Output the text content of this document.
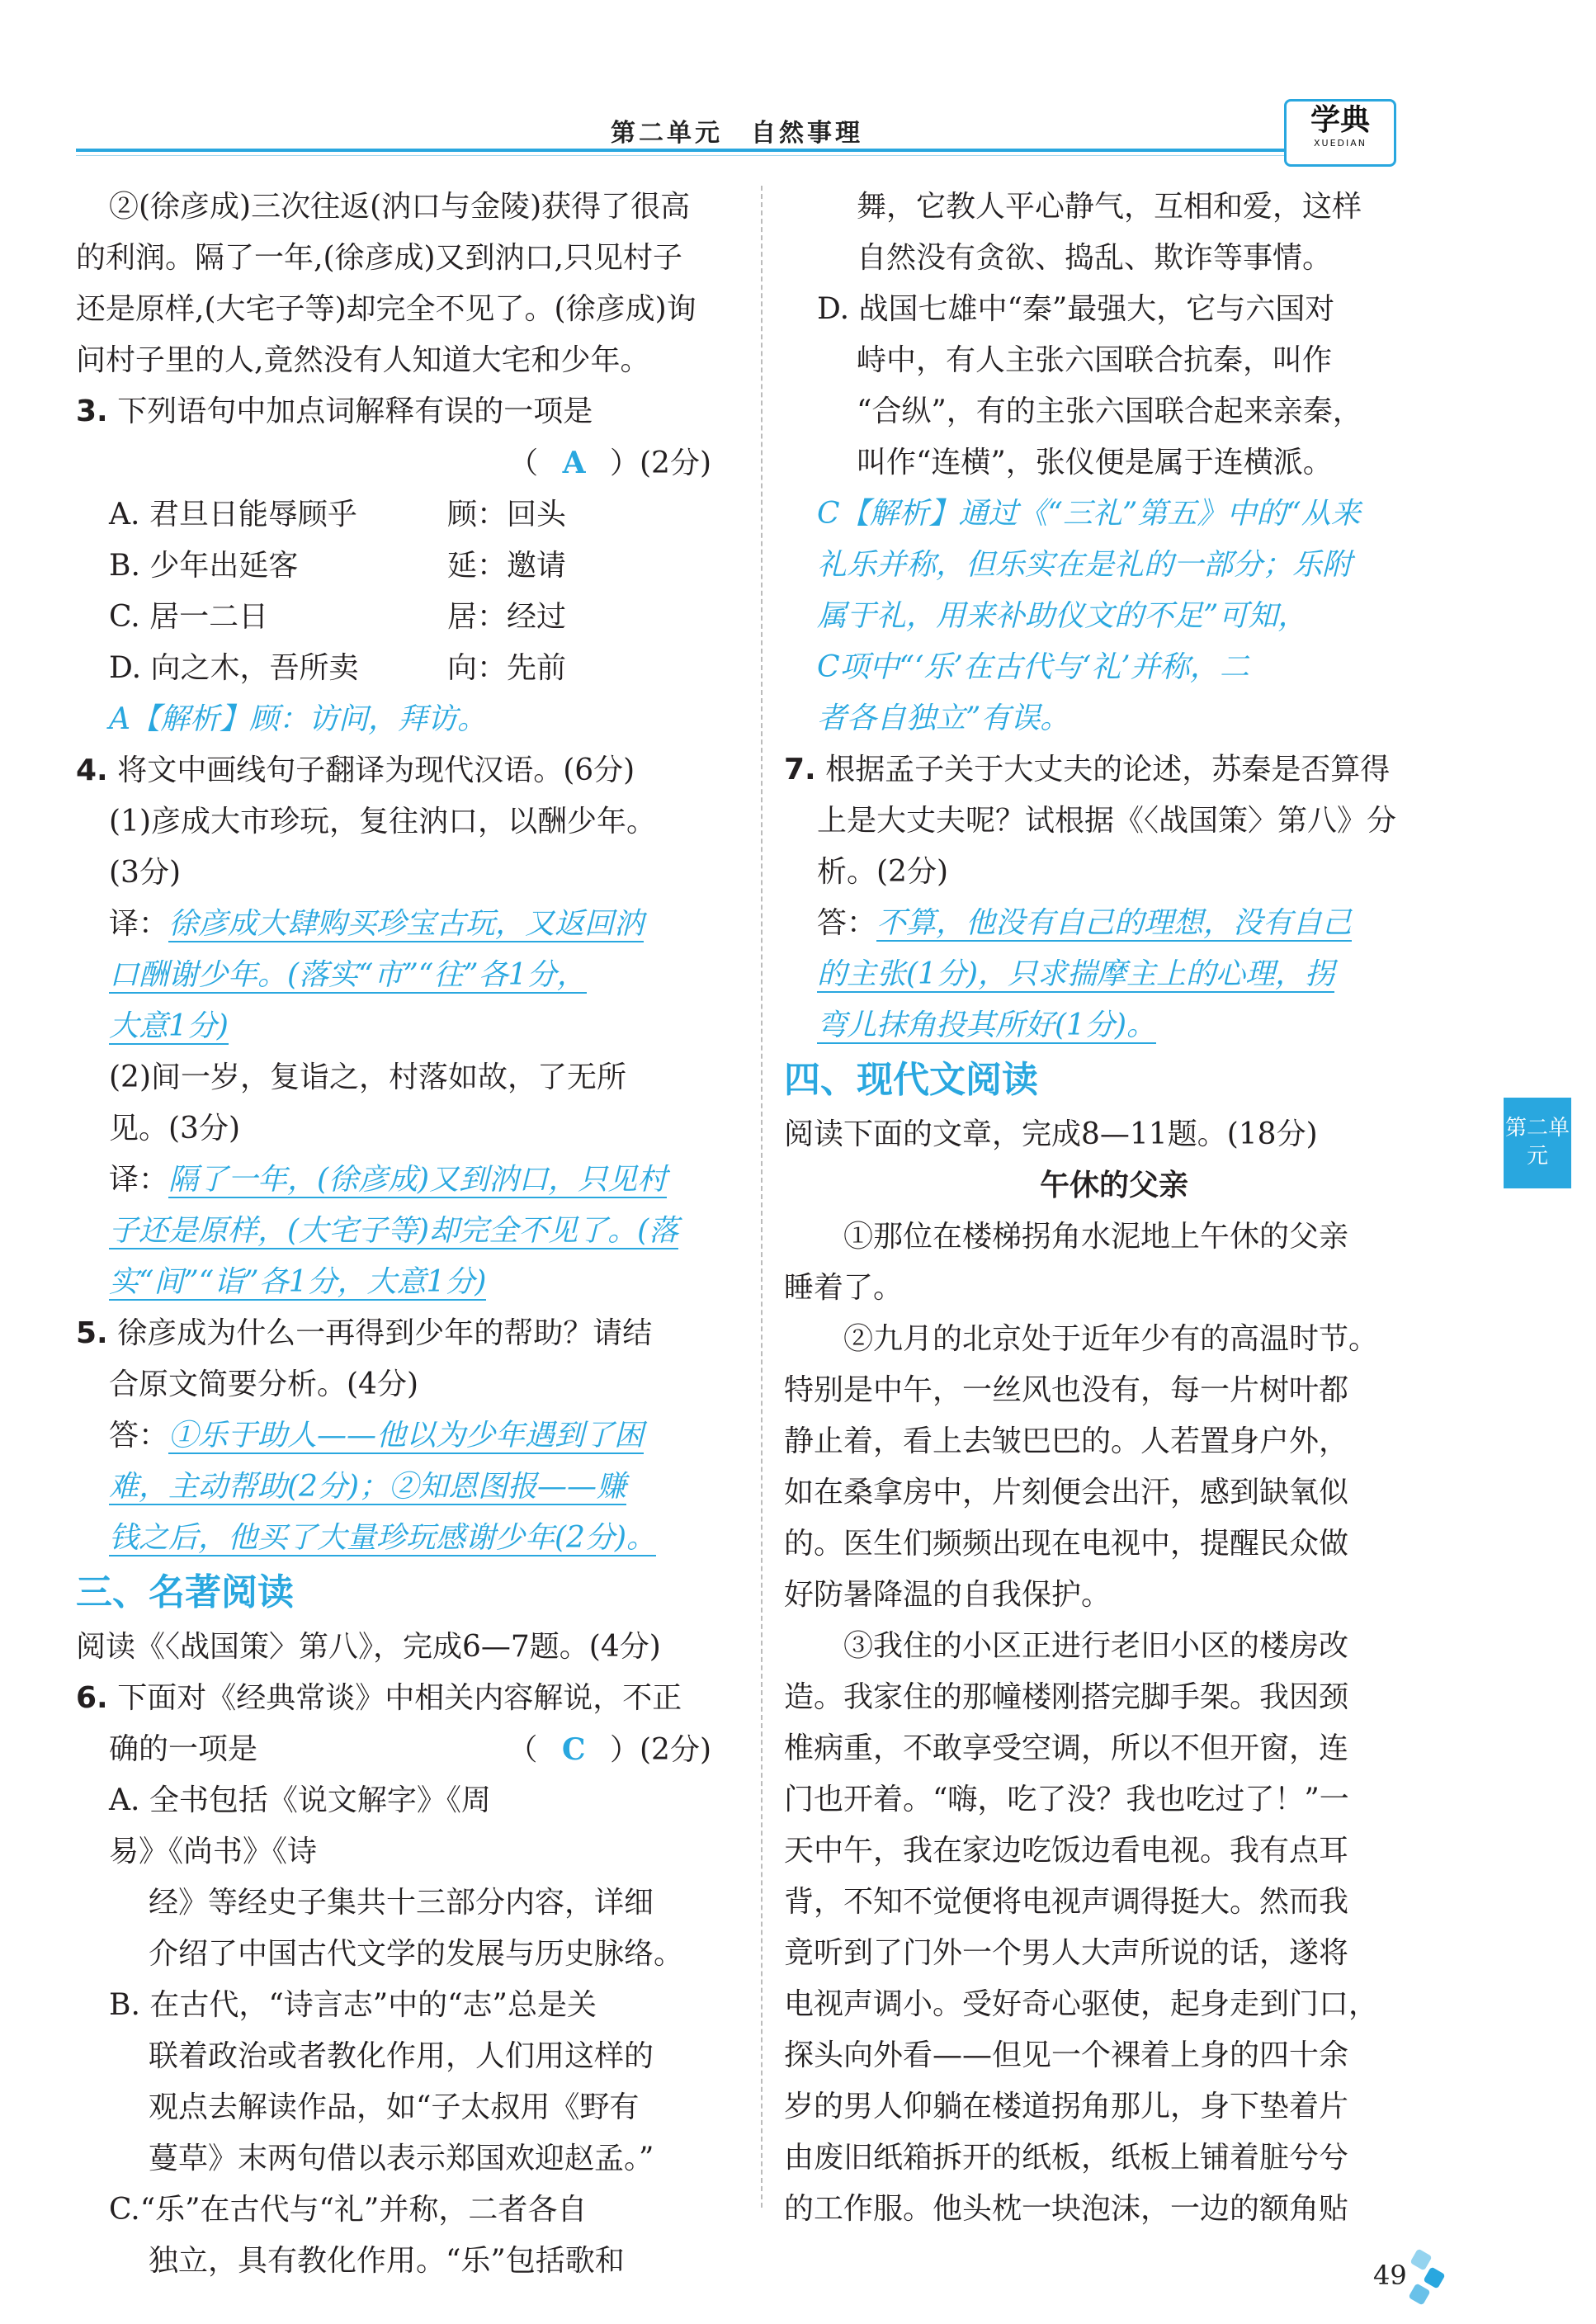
第二单元　自然事理	学典
XUEDIAN

②(徐彦成)三次往返(汭口与金陵)获得了很高

的利润。隔了一年,(徐彦成)又到汭口,只见村子

还是原样,(大宅子等)却完全不见了。(徐彦成)询

问村子里的人,竟然没有人知道大宅和少年。

3. 下列语句中加点词解释有误的一项是

（ A ）(2分)

A. 君旦日能辱顾乎	顾：回头

B. 少年出延客	延：邀请

C. 居一二日	居：经过

D. 向之木，吾所卖	向：先前

A【解析】顾：访问，拜访。

4. 将文中画线句子翻译为现代汉语。(6分)

(1)彦成大市珍玩，复往汭口，以酬少年。

(3分)

译：徐彦成大肆购买珍宝古玩，又返回汭

口酬谢少年。(落实“市”“往”各1分，

大意1分)

(2)间一岁，复诣之，村落如故，了无所

见。(3分)

译：隔了一年，(徐彦成)又到汭口，只见村

子还是原样，(大宅子等)却完全不见了。(落

实“间”“诣”各1分，大意1分)

5. 徐彦成为什么一再得到少年的帮助？请结

合原文简要分析。(4分)

答：①乐于助人——他以为少年遇到了困

难，主动帮助(2分)；②知恩图报——赚

钱之后，他买了大量珍玩感谢少年(2分)。

三、名著阅读

阅读《〈战国策〉第八》，完成6—7题。(4分)

6. 下面对《经典常谈》中相关内容解说，不正

确的一项是	（ C ）(2分)

A. 全书包括《说文解字》《周易》《尚书》《诗

经》等经史子集共十三部分内容，详细

介绍了中国古代文学的发展与历史脉络。

B. 在古代，“诗言志”中的“志”总是关

联着政治或者教化作用，人们用这样的

观点去解读作品，如“子太叔用《野有

蔓草》末两句借以表示郑国欢迎赵孟。”

C.“乐”在古代与“礼”并称，二者各自

独立，具有教化作用。“乐”包括歌和

舞，它教人平心静气，互相和爱，这样

自然没有贪欲、捣乱、欺诈等事情。

D. 战国七雄中“秦”最强大，它与六国对

峙中，有人主张六国联合抗秦，叫作

“合纵”，有的主张六国联合起来亲秦，

叫作“连横”，张仪便是属于连横派。

C【解析】通过《“三礼”第五》中的“从来

礼乐并称，但乐实在是礼的一部分；乐附

属于礼，用来补助仪文的不足”可知，

C项中“‘乐’在古代与‘礼’并称，二

者各自独立”有误。

7. 根据孟子关于大丈夫的论述，苏秦是否算得

上是大丈夫呢？试根据《〈战国策〉第八》分

析。(2分)

答：不算，他没有自己的理想，没有自己

的主张(1分)，只求揣摩主上的心理，拐

弯儿抹角投其所好(1分)。

四、现代文阅读

阅读下面的文章，完成8—11题。(18分)

午休的父亲

①那位在楼梯拐角水泥地上午休的父亲

睡着了。

②九月的北京处于近年少有的高温时节。

特别是中午，一丝风也没有，每一片树叶都

静止着，看上去皱巴巴的。人若置身户外，

如在桑拿房中，片刻便会出汗，感到缺氧似

的。医生们频频出现在电视中，提醒民众做

好防暑降温的自我保护。

③我住的小区正进行老旧小区的楼房改

造。我家住的那幢楼刚搭完脚手架。我因颈

椎病重，不敢享受空调，所以不但开窗，连

门也开着。“嗨，吃了没？我也吃过了！”一

天中午，我在家边吃饭边看电视。我有点耳

背，不知不觉便将电视声调得挺大。然而我

竟听到了门外一个男人大声所说的话，遂将

电视声调小。受好奇心驱使，起身走到门口，

探头向外看——但见一个裸着上身的四十余

岁的男人仰躺在楼道拐角那儿，身下垫着片

由废旧纸箱拆开的纸板，纸板上铺着脏兮兮

的工作服。他头枕一块泡沫，一边的额角贴

第二单元
49
